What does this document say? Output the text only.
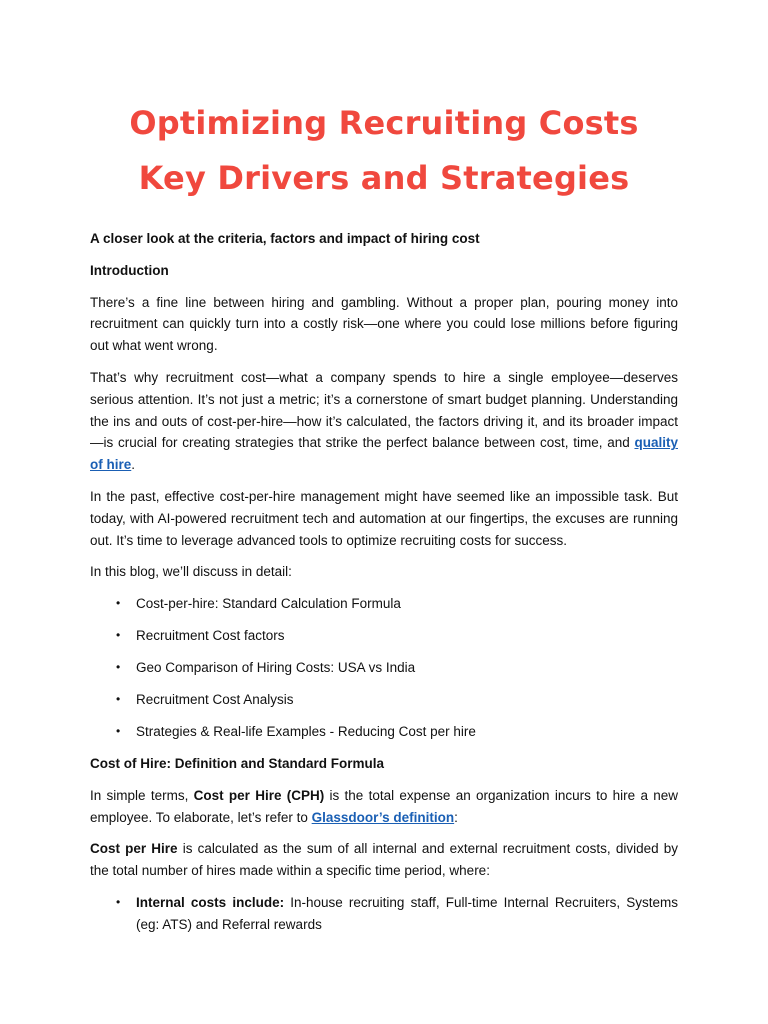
Optimizing Recruiting Costs Key Drivers and Strategies

A closer look at the criteria, factors and impact of hiring cost

Introduction

There’s a fine line between hiring and gambling. Without a proper plan, pouring money into recruitment can quickly turn into a costly risk—one where you could lose millions before figuring out what went wrong.

That’s why recruitment cost—what a company spends to hire a single employee—deserves serious attention. It’s not just a metric; it’s a cornerstone of smart budget planning. Understanding the ins and outs of cost-per-hire—how it’s calculated, the factors driving it, and its broader impact—is crucial for creating strategies that strike the perfect balance between cost, time, and quality of hire.

In the past, effective cost-per-hire management might have seemed like an impossible task. But today, with AI-powered recruitment tech and automation at our fingertips, the excuses are running out. It’s time to leverage advanced tools to optimize recruiting costs for success.

In this blog, we’ll discuss in detail:

• Cost-per-hire: Standard Calculation Formula
• Recruitment Cost factors
• Geo Comparison of Hiring Costs: USA vs India
• Recruitment Cost Analysis
• Strategies & Real-life Examples - Reducing Cost per hire

Cost of Hire: Definition and Standard Formula

In simple terms, Cost per Hire (CPH) is the total expense an organization incurs to hire a new employee. To elaborate, let’s refer to Glassdoor’s definition:

Cost per Hire is calculated as the sum of all internal and external recruitment costs, divided by the total number of hires made within a specific time period, where:

• Internal costs include: In-house recruiting staff, Full-time Internal Recruiters, Systems (eg: ATS) and Referral rewards
